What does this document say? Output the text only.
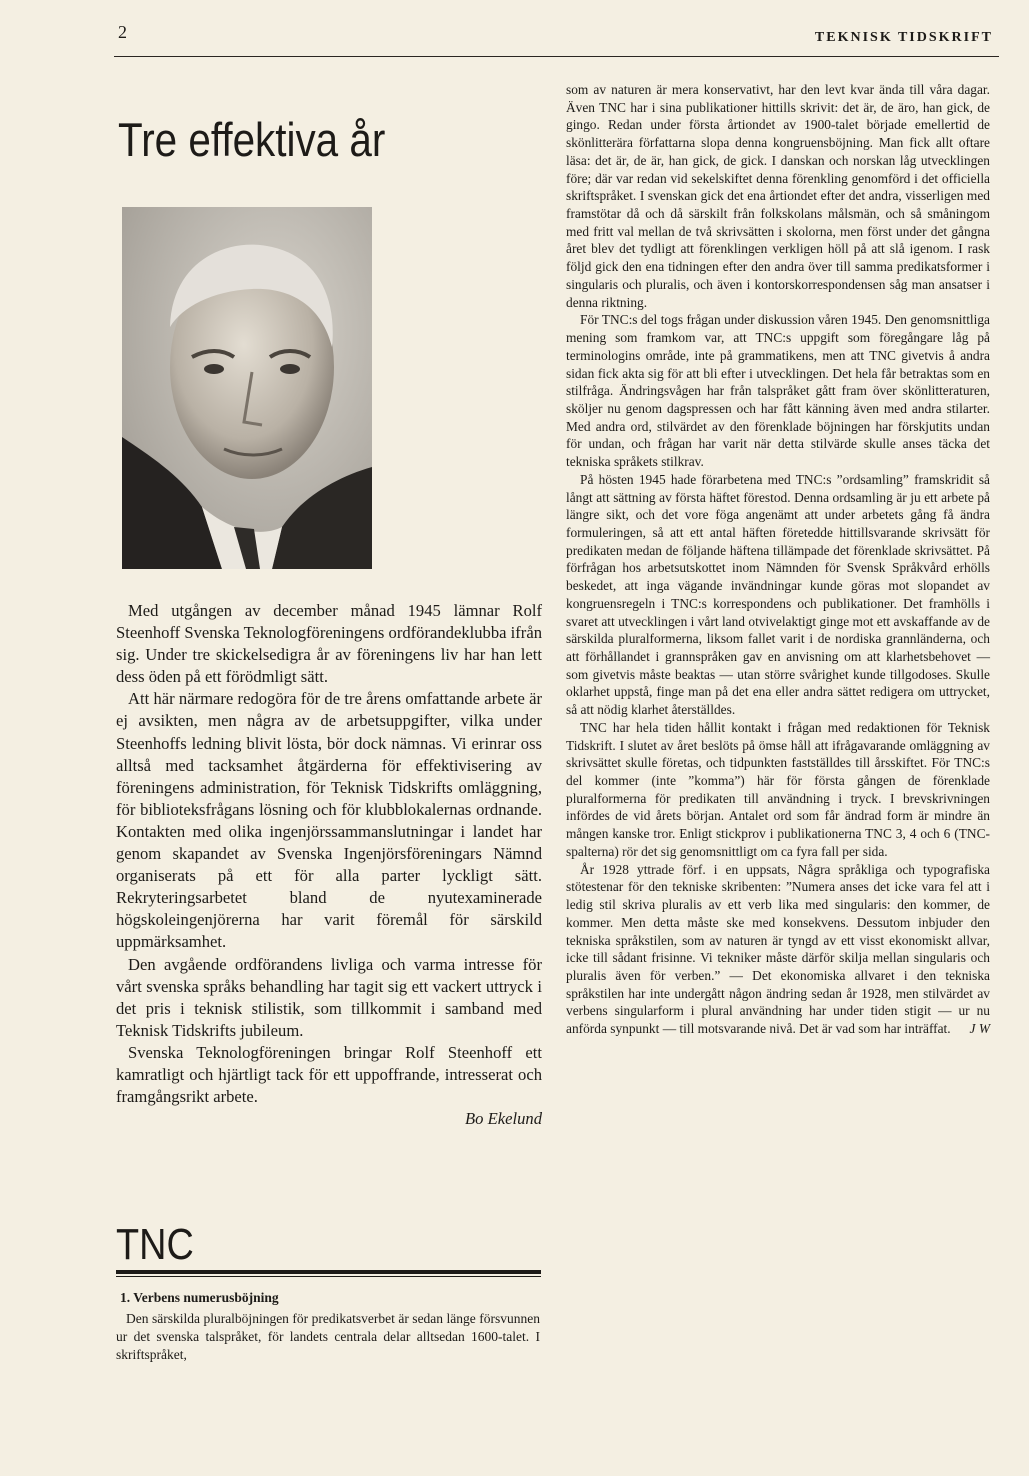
2	TEKNISK TIDSKRIFT
Tre effektiva år

Med utgången av december månad 1945 lämnar Rolf Steenhoff Svenska Teknologföreningens ordförandeklubba ifrån sig. Under tre skickelsedigra år av föreningens liv har han lett dess öden på ett förödmligt sätt.

Att här närmare redogöra för de tre årens omfattande arbete är ej avsikten, men några av de arbetsuppgifter, vilka under Steenhoffs ledning blivit lösta, bör dock nämnas. Vi erinrar oss alltså med tacksamhet åtgärderna för effektivisering av föreningens administration, för Teknisk Tidskrifts omläggning, för biblioteksfrågans lösning och för klubblokalernas ordnande. Kontakten med olika ingenjörssammanslutningar i landet har genom skapandet av Svenska Ingenjörsföreningars Nämnd organiserats på ett för alla parter lyckligt sätt. Rekryteringsarbetet bland de nyutexaminerade högskoleingenjörerna har varit föremål för särskild uppmärksamhet.

Den avgående ordförandens livliga och varma intresse för vårt svenska språks behandling har tagit sig ett vackert uttryck i det pris i teknisk stilistik, som tillkommit i samband med Teknisk Tidskrifts jubileum.

Svenska Teknologföreningen bringar Rolf Steenhoff ett kamratligt och hjärtligt tack för ett uppoffrande, intresserat och framgångsrikt arbete.

Bo Ekelund

TNC
1. Verbens numerusböjning

Den särskilda pluralböjningen för predikatsverbet är sedan länge försvunnen ur det svenska talspråket, för landets centrala delar alltsedan 1600-talet. I skriftspråket,

som av naturen är mera konservativt, har den levt kvar ända till våra dagar. Även TNC har i sina publikationer hittills skrivit: det är, de äro, han gick, de gingo. Redan under första årtiondet av 1900-talet började emellertid de skönlitterära författarna slopa denna kongruensböjning. Man fick allt oftare läsa: det är, de är, han gick, de gick. I danskan och norskan låg utvecklingen före; där var redan vid sekelskiftet denna förenkling genomförd i det officiella skriftspråket. I svenskan gick det ena årtiondet efter det andra, visserligen med framstötar då och då särskilt från folkskolans målsmän, och så småningom med fritt val mellan de två skrivsätten i skolorna, men först under det gångna året blev det tydligt att förenklingen verkligen höll på att slå igenom. I rask följd gick den ena tidningen efter den andra över till samma predikatsformer i singularis och pluralis, och även i kontorskorrespondensen såg man ansatser i denna riktning.

För TNC:s del togs frågan under diskussion våren 1945. Den genomsnittliga mening som framkom var, att TNC:s uppgift som föregångare låg på terminologins område, inte på grammatikens, men att TNC givetvis å andra sidan fick akta sig för att bli efter i utvecklingen. Det hela får betraktas som en stilfråga. Ändringsvågen har från talspråket gått fram över skönlitteraturen, sköljer nu genom dagspressen och har fått känning även med andra stilarter. Med andra ord, stilvärdet av den förenklade böjningen har förskjutits undan för undan, och frågan har varit när detta stilvärde skulle anses täcka det tekniska språkets stilkrav.

På hösten 1945 hade förarbetena med TNC:s ”ordsamling” framskridit så långt att sättning av första häftet förestod. Denna ordsamling är ju ett arbete på längre sikt, och det vore föga angenämt att under arbetets gång få ändra formuleringen, så att ett antal häften företedde hittillsvarande skrivsätt för predikaten medan de följande häftena tillämpade det förenklade skrivsättet. På förfrågan hos arbetsutskottet inom Nämnden för Svensk Språkvård erhölls beskedet, att inga vägande invändningar kunde göras mot slopandet av kongruensregeln i TNC:s korrespondens och publikationer. Det framhölls i svaret att utvecklingen i vårt land otvivelaktigt ginge mot ett avskaffande av de särskilda pluralformerna, liksom fallet varit i de nordiska grannländerna, och att förhållandet i grannspråken gav en anvisning om att klarhetsbehovet — som givetvis måste beaktas — utan större svårighet kunde tillgodoses. Skulle oklarhet uppstå, finge man på det ena eller andra sättet redigera om uttrycket, så att nödig klarhet återställdes.

TNC har hela tiden hållit kontakt i frågan med redaktionen för Teknisk Tidskrift. I slutet av året beslöts på ömse håll att ifrågavarande omläggning av skrivsättet skulle företas, och tidpunkten fastställdes till årsskiftet. För TNC:s del kommer (inte ”komma”) här för första gången de förenklade pluralformerna för predikaten till användning i tryck. I brevskrivningen infördes de vid årets början. Antalet ord som får ändrad form är mindre än mången kanske tror. Enligt stickprov i publikationerna TNC 3, 4 och 6 (TNC-spalterna) rör det sig genomsnittligt om ca fyra fall per sida.

År 1928 yttrade förf. i en uppsats, Några språkliga och typografiska stötestenar för den tekniske skribenten: ”Numera anses det icke vara fel att i ledig stil skriva pluralis av ett verb lika med singularis: den kommer, de kommer. Men detta måste ske med konsekvens. Dessutom inbjuder den tekniska språkstilen, som av naturen är tyngd av ett visst ekonomiskt allvar, icke till sådant frisinne. Vi tekniker måste därför skilja mellan singularis och pluralis även för verben.” — Det ekonomiska allvaret i den tekniska språkstilen har inte undergått någon ändring sedan år 1928, men stilvärdet av verbens singularform i plural användning har under tiden stigit — ur nu anförda synpunkt — till motsvarande nivå. Det är vad som har inträffat.	J W
